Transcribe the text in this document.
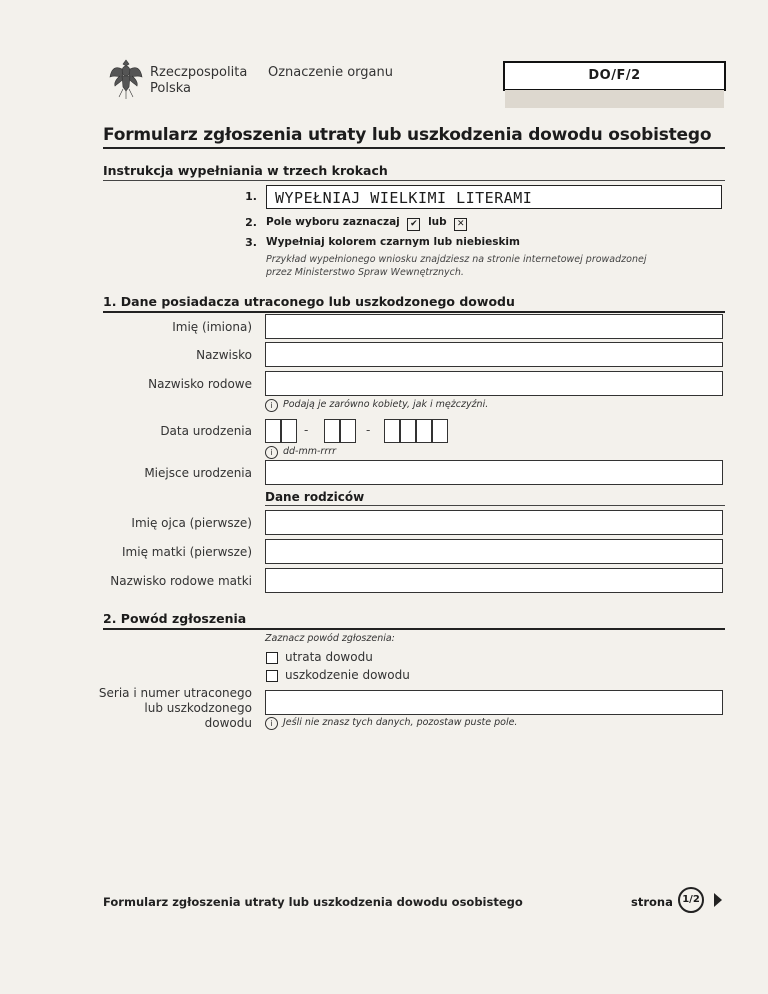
Rzeczpospolita
Polska
Oznaczenie organu	DO/F/2
Formularz zgłoszenia utraty lub uszkodzenia dowodu osobistego
Instrukcja wypełniania w trzech krokach
1.	WYPEŁNIAJ WIELKIMI LITERAMI
2. Pole wyboru zaznaczaj ✔ lub ✕
3. Wypełniaj kolorem czarnym lub niebieskim
Przykład wypełnionego wniosku znajdziesz na stronie internetowej prowadzonej
przez Ministerstwo Spraw Wewnętrznych.
1. Dane posiadacza utraconego lub uszkodzonego dowodu
Imię (imiona)
Nazwisko
Nazwisko rodowe
i Podają je zarówno kobiety, jak i mężczyźni.
Data urodzenia	-	-
i dd-mm-rrrr
Miejsce urodzenia
Dane rodziców
Imię ojca (pierwsze)
Imię matki (pierwsze)
Nazwisko rodowe matki
2. Powód zgłoszenia
Zaznacz powód zgłoszenia:
utrata dowodu
uszkodzenie dowodu
Seria i numer utraconego
lub uszkodzonego
dowodu	i Jeśli nie znasz tych danych, pozostaw puste pole.
Formularz zgłoszenia utraty lub uszkodzenia dowodu osobistego	strona 1/2
